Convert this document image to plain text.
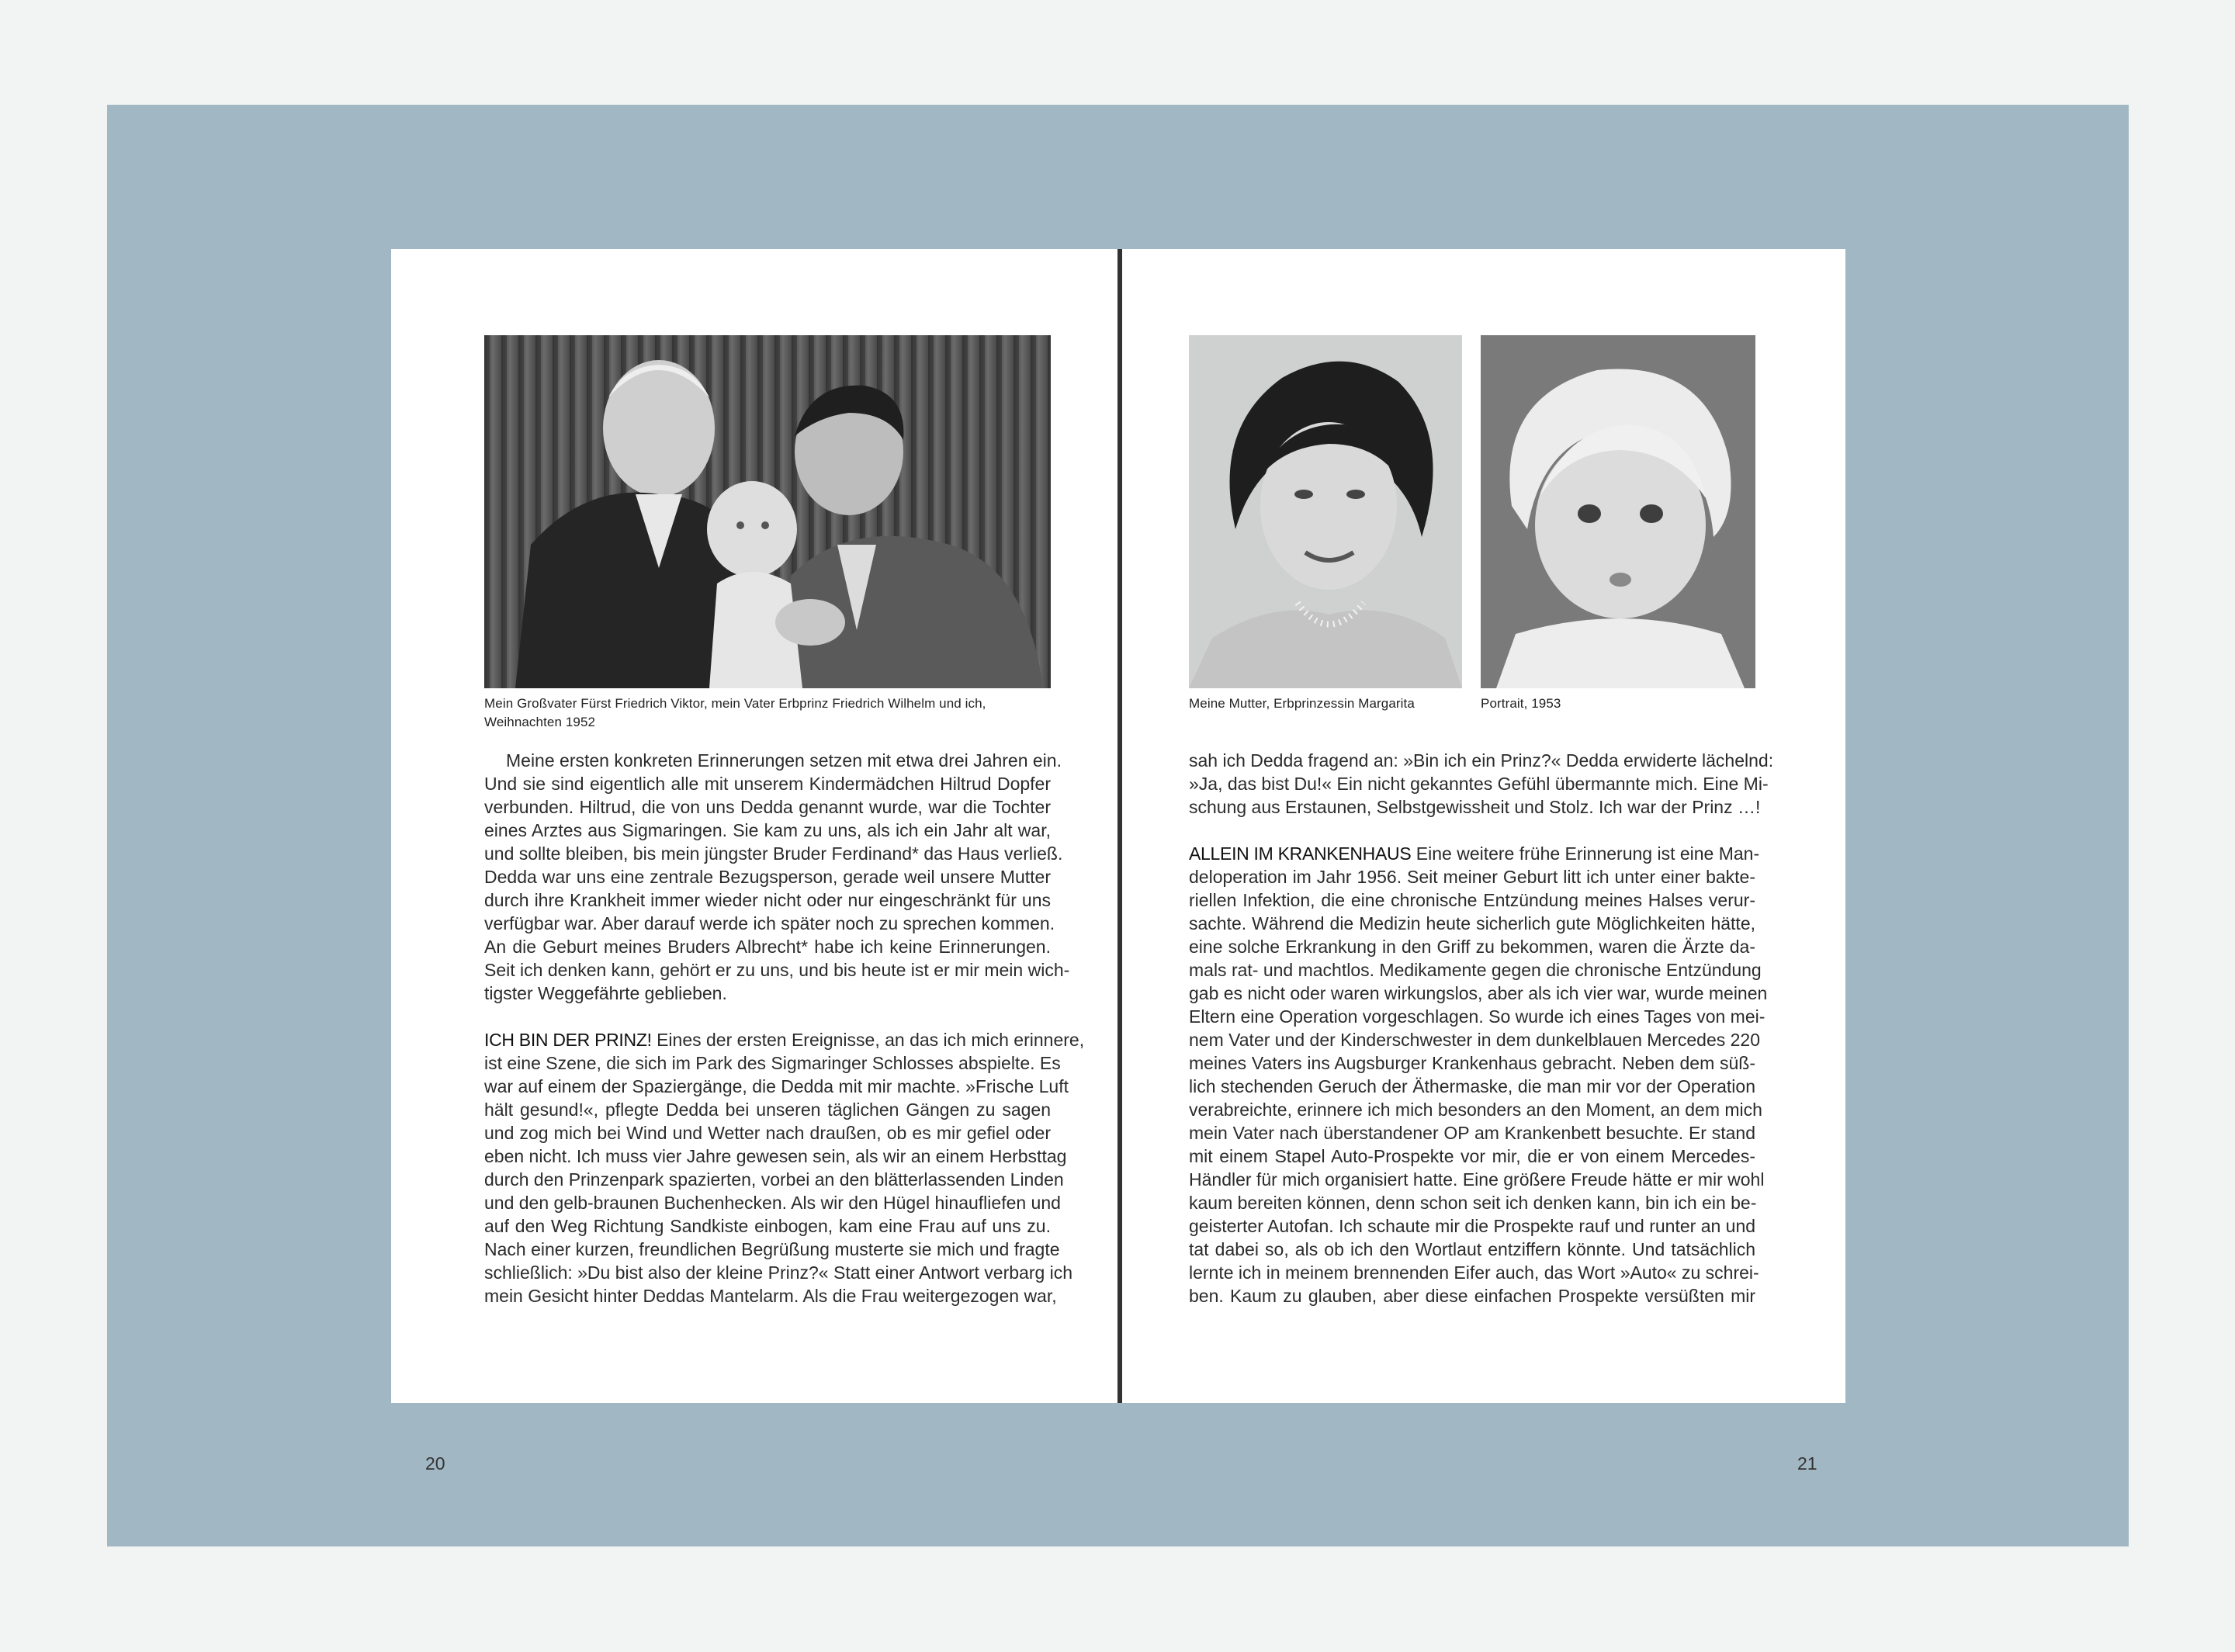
Mein Großvater Fürst Friedrich Viktor, mein Vater Erbprinz Friedrich Wilhelm und ich,
Weihnachten 1952
Meine ersten konkreten Erinnerungen setzen mit etwa drei Jahren ein.
Und sie sind eigentlich alle mit unserem Kindermädchen Hiltrud Dopfer
verbunden. Hiltrud, die von uns Dedda genannt wurde, war die Tochter
eines Arztes aus Sigmaringen. Sie kam zu uns, als ich ein Jahr alt war,
und sollte bleiben, bis mein jüngster Bruder Ferdinand* das Haus verließ.
Dedda war uns eine zentrale Bezugsperson, gerade weil unsere Mutter
durch ihre Krankheit immer wieder nicht oder nur eingeschränkt für uns
verfügbar war. Aber darauf werde ich später noch zu sprechen kommen.
An die Geburt meines Bruders Albrecht* habe ich keine Erinnerungen.
Seit ich denken kann, gehört er zu uns, und bis heute ist er mir mein wich-
tigster Weggefährte geblieben.
ICH BIN DER PRINZ! Eines der ersten Ereignisse, an das ich mich erinnere,
ist eine Szene, die sich im Park des Sigmaringer Schlosses abspielte. Es
war auf einem der Spaziergänge, die Dedda mit mir machte. »Frische Luft
hält gesund!«, pflegte Dedda bei unseren täglichen Gängen zu sagen
und zog mich bei Wind und Wetter nach draußen, ob es mir gefiel oder
eben nicht. Ich muss vier Jahre gewesen sein, als wir an einem Herbsttag
durch den Prinzenpark spazierten, vorbei an den blätterlassenden Linden
und den gelb-braunen Buchenhecken. Als wir den Hügel hinaufliefen und
auf den Weg Richtung Sandkiste einbogen, kam eine Frau auf uns zu.
Nach einer kurzen, freundlichen Begrüßung musterte sie mich und fragte
schließlich: »Du bist also der kleine Prinz?« Statt einer Antwort verbarg ich
mein Gesicht hinter Deddas Mantelarm. Als die Frau weitergezogen war,
20
Meine Mutter, Erbprinzessin Margarita	Portrait, 1953
sah ich Dedda fragend an: »Bin ich ein Prinz?« Dedda erwiderte lächelnd:
»Ja, das bist Du!« Ein nicht gekanntes Gefühl übermannte mich. Eine Mi-
schung aus Erstaunen, Selbstgewissheit und Stolz. Ich war der Prinz …!
ALLEIN IM KRANKENHAUS Eine weitere frühe Erinnerung ist eine Man-
deloperation im Jahr 1956. Seit meiner Geburt litt ich unter einer bakte-
riellen Infektion, die eine chronische Entzündung meines Halses verur-
sachte. Während die Medizin heute sicherlich gute Möglichkeiten hätte,
eine solche Erkrankung in den Griff zu bekommen, waren die Ärzte da-
mals rat- und machtlos. Medikamente gegen die chronische Entzündung
gab es nicht oder waren wirkungslos, aber als ich vier war, wurde meinen
Eltern eine Operation vorgeschlagen. So wurde ich eines Tages von mei-
nem Vater und der Kinderschwester in dem dunkelblauen Mercedes 220
meines Vaters ins Augsburger Krankenhaus gebracht. Neben dem süß-
lich stechenden Geruch der Äthermaske, die man mir vor der Operation
verabreichte, erinnere ich mich besonders an den Moment, an dem mich
mein Vater nach überstandener OP am Krankenbett besuchte. Er stand
mit einem Stapel Auto-Prospekte vor mir, die er von einem Mercedes-
Händler für mich organisiert hatte. Eine größere Freude hätte er mir wohl
kaum bereiten können, denn schon seit ich denken kann, bin ich ein be-
geisterter Autofan. Ich schaute mir die Prospekte rauf und runter an und
tat dabei so, als ob ich den Wortlaut entziffern könnte. Und tatsächlich
lernte ich in meinem brennenden Eifer auch, das Wort »Auto« zu schrei-
ben. Kaum zu glauben, aber diese einfachen Prospekte versüßten mir
21
